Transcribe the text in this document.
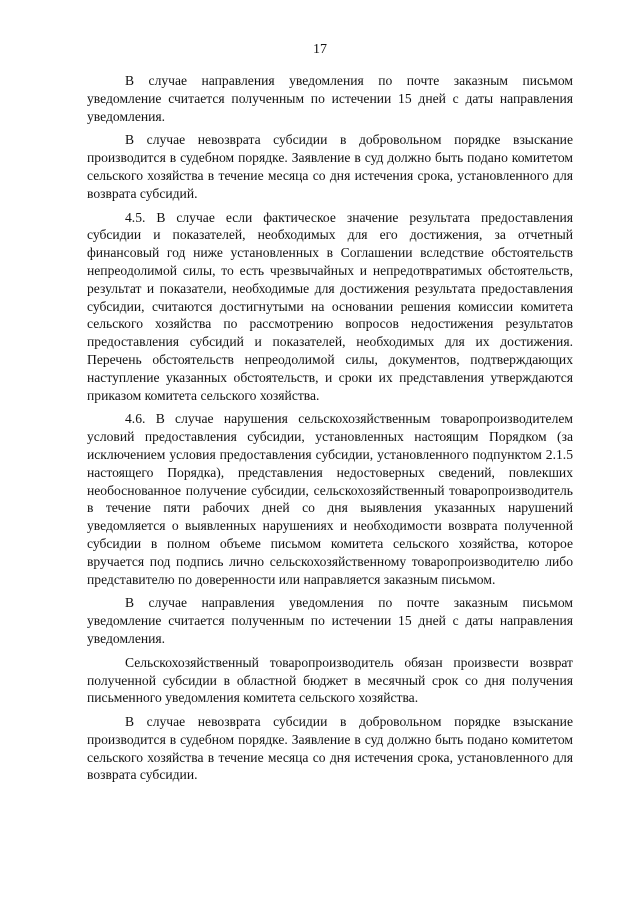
17

В случае направления уведомления по почте заказным письмом уведомление считается полученным по истечении 15 дней с даты направления уведомления.

В случае невозврата субсидии в добровольном порядке взыскание производится в судебном порядке. Заявление в суд должно быть подано комитетом сельского хозяйства в течение месяца со дня истечения срока, установленного для возврата субсидий.

4.5. В случае если фактическое значение результата предоставления субсидии и показателей, необходимых для его достижения, за отчетный финансовый год ниже установленных в Соглашении вследствие обстоятельств непреодолимой силы, то есть чрезвычайных и непредотвратимых обстоятельств, результат и показатели, необходимые для достижения результата предоставления субсидии, считаются достигнутыми на основании решения комиссии комитета сельского хозяйства по рассмотрению вопросов недостижения результатов предоставления субсидий и показателей, необходимых для их достижения. Перечень обстоятельств непреодолимой силы, документов, подтверждающих наступление указанных обстоятельств, и сроки их представления утверждаются приказом комитета сельского хозяйства.

4.6. В случае нарушения сельскохозяйственным товаропроизводителем условий предоставления субсидии, установленных настоящим Порядком (за исключением условия предоставления субсидии, установленного подпунктом 2.1.5 настоящего Порядка), представления недостоверных сведений, повлекших необоснованное получение субсидии, сельскохозяйственный товаропроизводитель в течение пяти рабочих дней со дня выявления указанных нарушений уведомляется о выявленных нарушениях и необходимости возврата полученной субсидии в полном объеме письмом комитета сельского хозяйства, которое вручается под подпись лично сельскохозяйственному товаропроизводителю либо представителю по доверенности или направляется заказным письмом.

В случае направления уведомления по почте заказным письмом уведомление считается полученным по истечении 15 дней с даты направления уведомления.

Сельскохозяйственный товаропроизводитель обязан произвести возврат полученной субсидии в областной бюджет в месячный срок со дня получения письменного уведомления комитета сельского хозяйства.

В случае невозврата субсидии в добровольном порядке взыскание производится в судебном порядке. Заявление в суд должно быть подано комитетом сельского хозяйства в течение месяца со дня истечения срока, установленного для возврата субсидии.
